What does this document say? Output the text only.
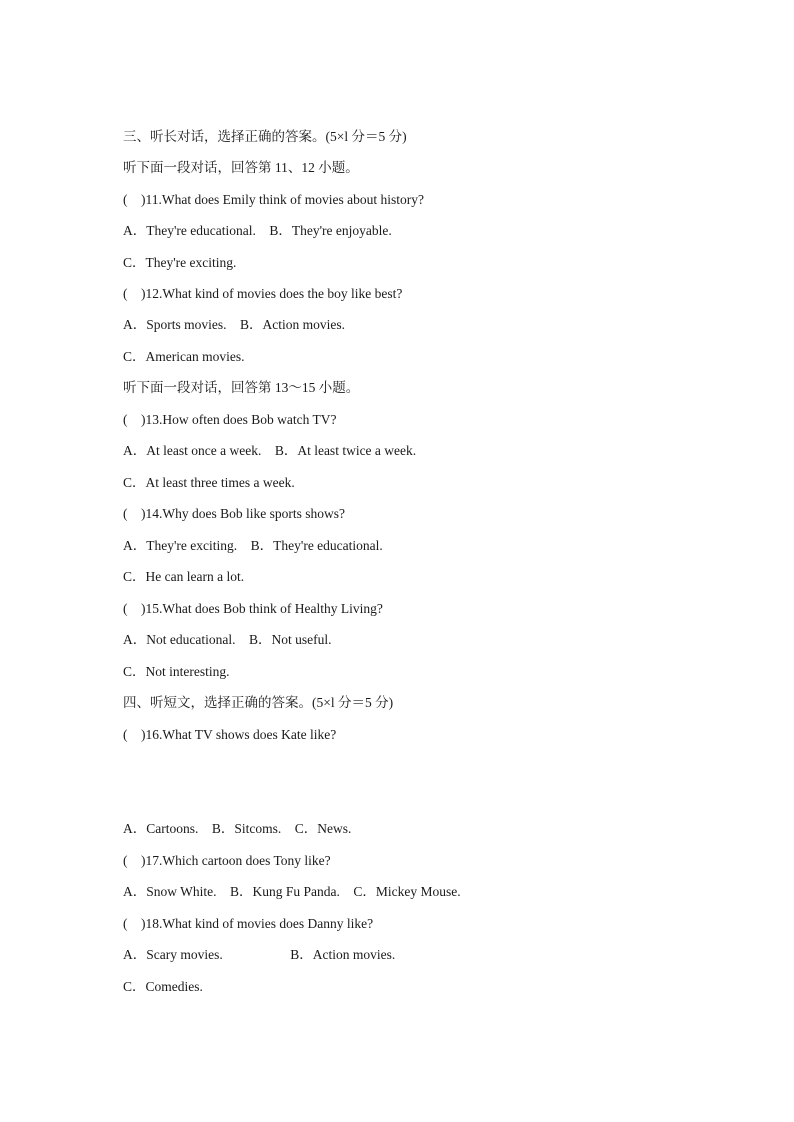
三、听长对话，选择正确的答案。(5×l 分＝5 分)
听下面一段对话，回答第 11、12 小题。
(　)11.What does Emily think of movies about history?
A．They're educational.　B．They're enjoyable.
C．They're exciting.
(　)12.What kind of movies does the boy like best?
A．Sports movies.　B．Action movies.
C．American movies.
听下面一段对话，回答第 13～15 小题。
(　)13.How often does Bob watch TV?
A．At least once a week.　B．At least twice a week.
C．At least three times a week.
(　)14.Why does Bob like sports shows?
A．They're exciting.　B．They're educational.
C．He can learn a lot.
(　)15.What does Bob think of Healthy Living?
A．Not educational.　B．Not useful.
C．Not interesting.
四、听短文，选择正确的答案。(5×l 分＝5 分)
(　)16.What TV shows does Kate like?
A．Cartoons.　B．Sitcoms.　C．News.
(　)17.Which cartoon does Tony like?
A．Snow White.　B．Kung Fu Panda.　C．Mickey Mouse.
(　)18.What kind of movies does Danny like?
A．Scary movies.　　　　　B．Action movies.
C．Comedies.
